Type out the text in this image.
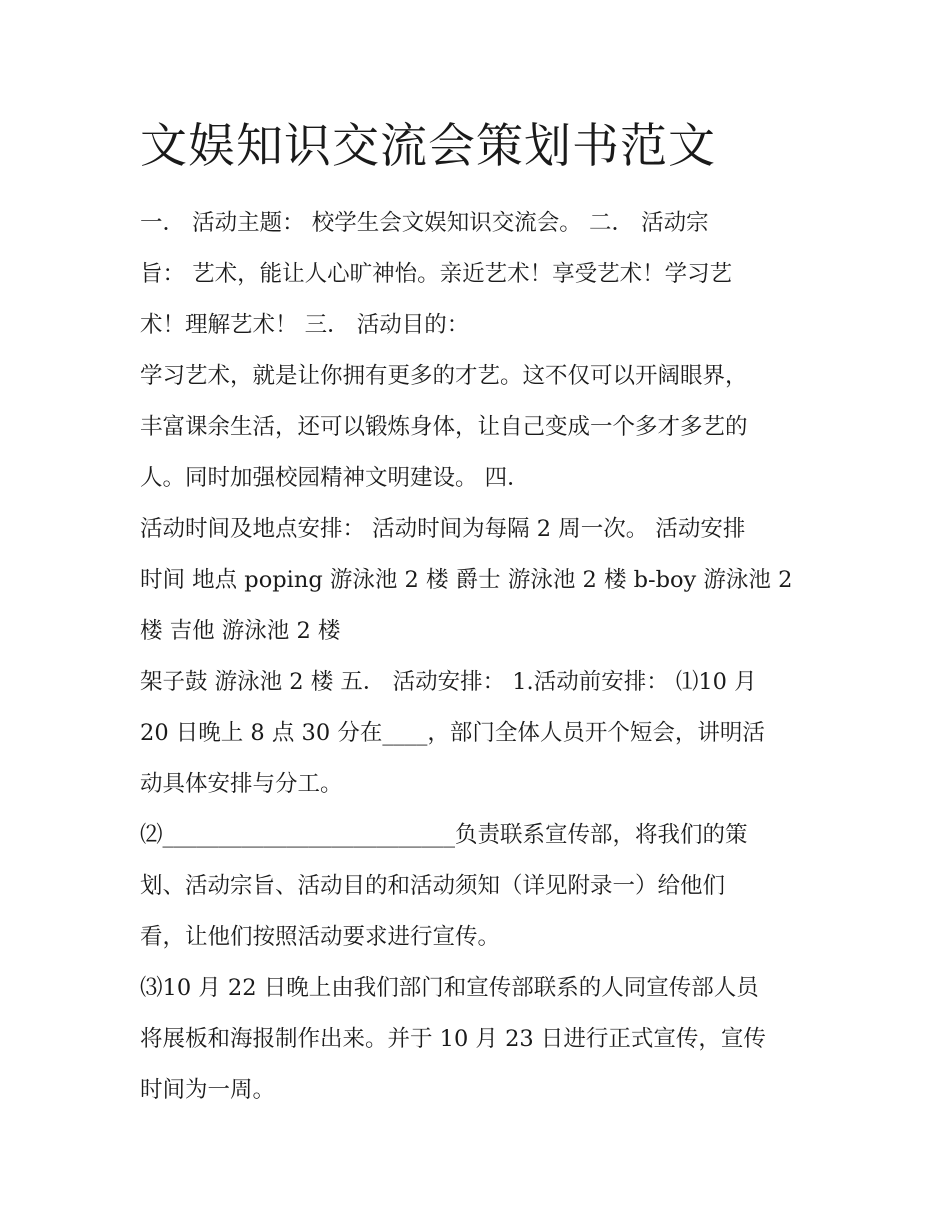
文娱知识交流会策划书范文
一． 活动主题： 校学生会文娱知识交流会。 二． 活动宗
旨： 艺术，能让人心旷神怡。亲近艺术！享受艺术！学习艺
术！理解艺术！ 三． 活动目的：
学习艺术，就是让你拥有更多的才艺。这不仅可以开阔眼界，
丰富课余生活，还可以锻炼身体，让自己变成一个多才多艺的
人。同时加强校园精神文明建设。 四．
活动时间及地点安排： 活动时间为每隔 2 周一次。 活动安排
时间 地点 poping 游泳池 2 楼 爵士 游泳池 2 楼 b-boy 游泳池 2
楼 吉他 游泳池 2 楼
架子鼓 游泳池 2 楼 五． 活动安排： 1.活动前安排： ⑴10 月
20 日晚上 8 点 30 分在____，部门全体人员开个短会，讲明活
动具体安排与分工。
⑵__________________________负责联系宣传部，将我们的策
划、活动宗旨、活动目的和活动须知（详见附录一）给他们
看，让他们按照活动要求进行宣传。
⑶10 月 22 日晚上由我们部门和宣传部联系的人同宣传部人员
将展板和海报制作出来。并于 10 月 23 日进行正式宣传，宣传
时间为一周。
